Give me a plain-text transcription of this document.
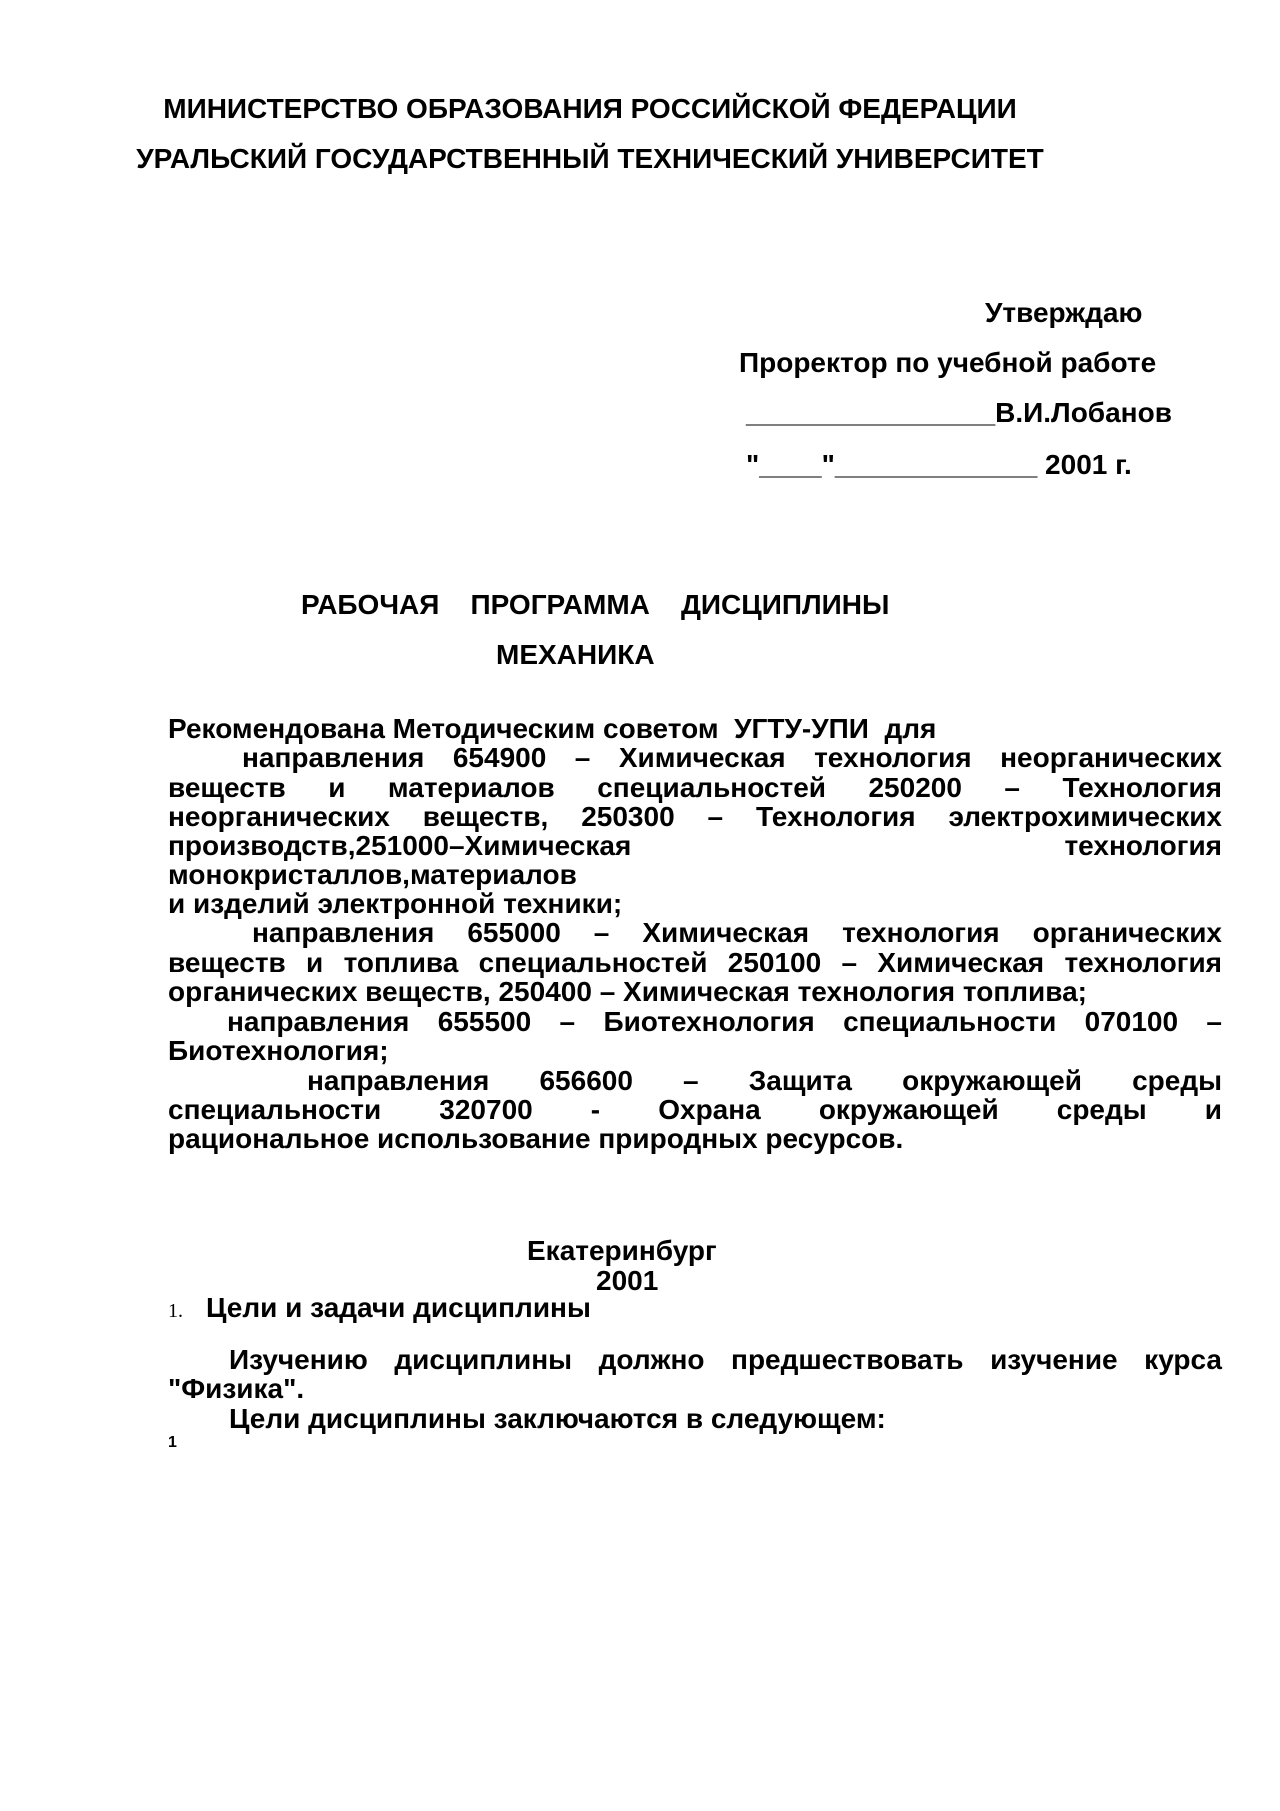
МИНИСТЕРСТВО ОБРАЗОВАНИЯ РОССИЙСКОЙ ФЕДЕРАЦИИ
УРАЛЬСКИЙ ГОСУДАРСТВЕННЫЙ ТЕХНИЧЕСКИЙ УНИВЕРСИТЕТ
Утверждаю
Проректор по учебной работе
________________В.И.Лобанов
"____"_____________ 2001 г.
РАБОЧАЯ    ПРОГРАММА    ДИСЦИПЛИНЫ
МЕХАНИКА
Рекомендована Методическим советом  УГТУ-УПИ  для
направления 654900 – Химическая технология неорганических
веществ и материалов специальностей 250200 – Технология
неорганических веществ, 250300 – Технология электрохимических
производств,251000–Химическая технология
монокристаллов,материалов
и изделий электронной техники;
направления 655000 – Химическая технология органических
веществ и топлива специальностей 250100 – Химическая технология
органических веществ, 250400 – Химическая технология топлива;
направления 655500 – Биотехнология специальности 070100 –
Биотехнология;
направления 656600 – Защита окружающей среды
специальности 320700 - Охрана окружающей среды и
рациональное использование природных ресурсов.
Екатеринбург
2001
1. Цели и задачи дисциплины
Изучению дисциплины должно предшествовать изучение курса
"Физика".
Цели дисциплины заключаются в следующем:
1
